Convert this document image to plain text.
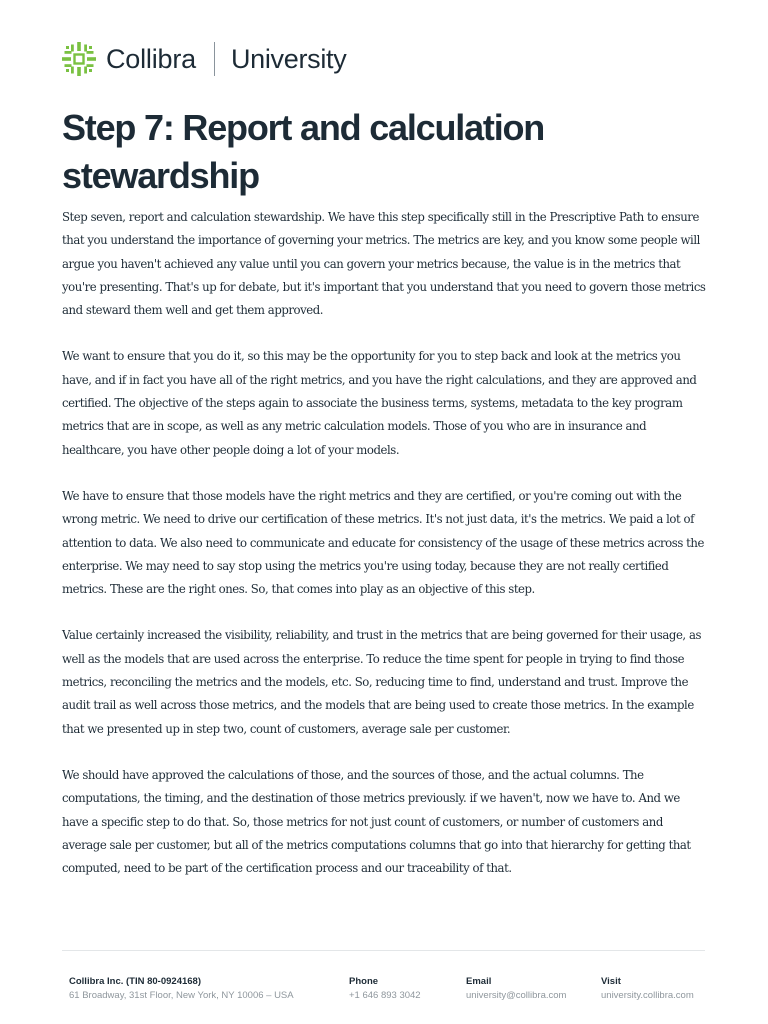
Collibra University
Step 7: Report and calculation stewardship

Step seven, report and calculation stewardship. We have this step specifically still in the Prescriptive Path to ensure that you understand the importance of governing your metrics. The metrics are key, and you know some people will argue you haven't achieved any value until you can govern your metrics because, the value is in the metrics that you're presenting. That's up for debate, but it's important that you understand that you need to govern those metrics and steward them well and get them approved.

We want to ensure that you do it, so this may be the opportunity for you to step back and look at the metrics you have, and if in fact you have all of the right metrics, and you have the right calculations, and they are approved and certified. The objective of the steps again to associate the business terms, systems, metadata to the key program metrics that are in scope, as well as any metric calculation models. Those of you who are in insurance and healthcare, you have other people doing a lot of your models.

We have to ensure that those models have the right metrics and they are certified, or you're coming out with the wrong metric. We need to drive our certification of these metrics. It's not just data, it's the metrics. We paid a lot of attention to data. We also need to communicate and educate for consistency of the usage of these metrics across the enterprise. We may need to say stop using the metrics you're using today, because they are not really certified metrics. These are the right ones. So, that comes into play as an objective of this step.

Value certainly increased the visibility, reliability, and trust in the metrics that are being governed for their usage, as well as the models that are used across the enterprise. To reduce the time spent for people in trying to find those metrics, reconciling the metrics and the models, etc. So, reducing time to find, understand and trust. Improve the audit trail as well across those metrics, and the models that are being used to create those metrics. In the example that we presented up in step two, count of customers, average sale per customer.

We should have approved the calculations of those, and the sources of those, and the actual columns. The computations, the timing, and the destination of those metrics previously. if we haven't, now we have to. And we have a specific step to do that. So, those metrics for not just count of customers, or number of customers and average sale per customer, but all of the metrics computations columns that go into that hierarchy for getting that computed, need to be part of the certification process and our traceability of that.

Collibra Inc. (TIN 80-0924168)
61 Broadway, 31st Floor, New York, NY 10006 – USA
Phone
+1 646 893 3042
Email
university@collibra.com
Visit
university.collibra.com
